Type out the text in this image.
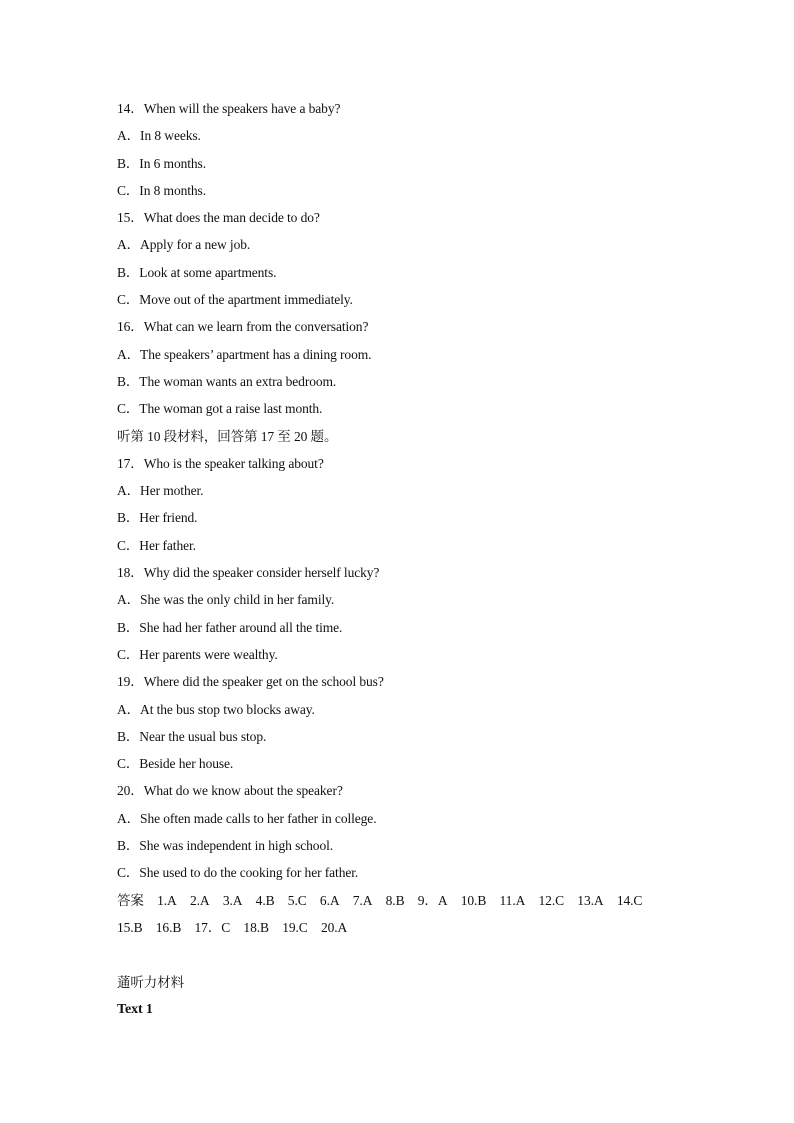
14．When will the speakers have a baby?
A．In 8 weeks.
B．In 6 months.
C．In 8 months.
15．What does the man decide to do?
A．Apply for a new job.
B．Look at some apartments.
C．Move out of the apartment immediately.
16．What can we learn from the conversation?
A．The speakers’ apartment has a dining room.
B．The woman wants an extra bedroom.
C．The woman got a raise last month.
听第 10 段材料，回答第 17 至 20 题。
17．Who is the speaker talking about?
A．Her mother.
B．Her friend.
C．Her father.
18．Why did the speaker consider herself lucky?
A．She was the only child in her family.
B．She had her father around all the time.
C．Her parents were wealthy.
19．Where did the speaker get on the school bus?
A．At the bus stop two blocks away.
B．Near the usual bus stop.
C．Beside her house.
20．What do we know about the speaker?
A．She often made calls to her father in college.
B．She was independent in high school.
C．She used to do the cooking for her father.
答案 1.A 2.A 3.A 4.B 5.C 6.A 7.A 8.B 9．A 10.B 11.A 12.C 13.A 14.C
15.B 16.B 17．C 18.B 19.C 20.A
蓪听力材料
Text 1
